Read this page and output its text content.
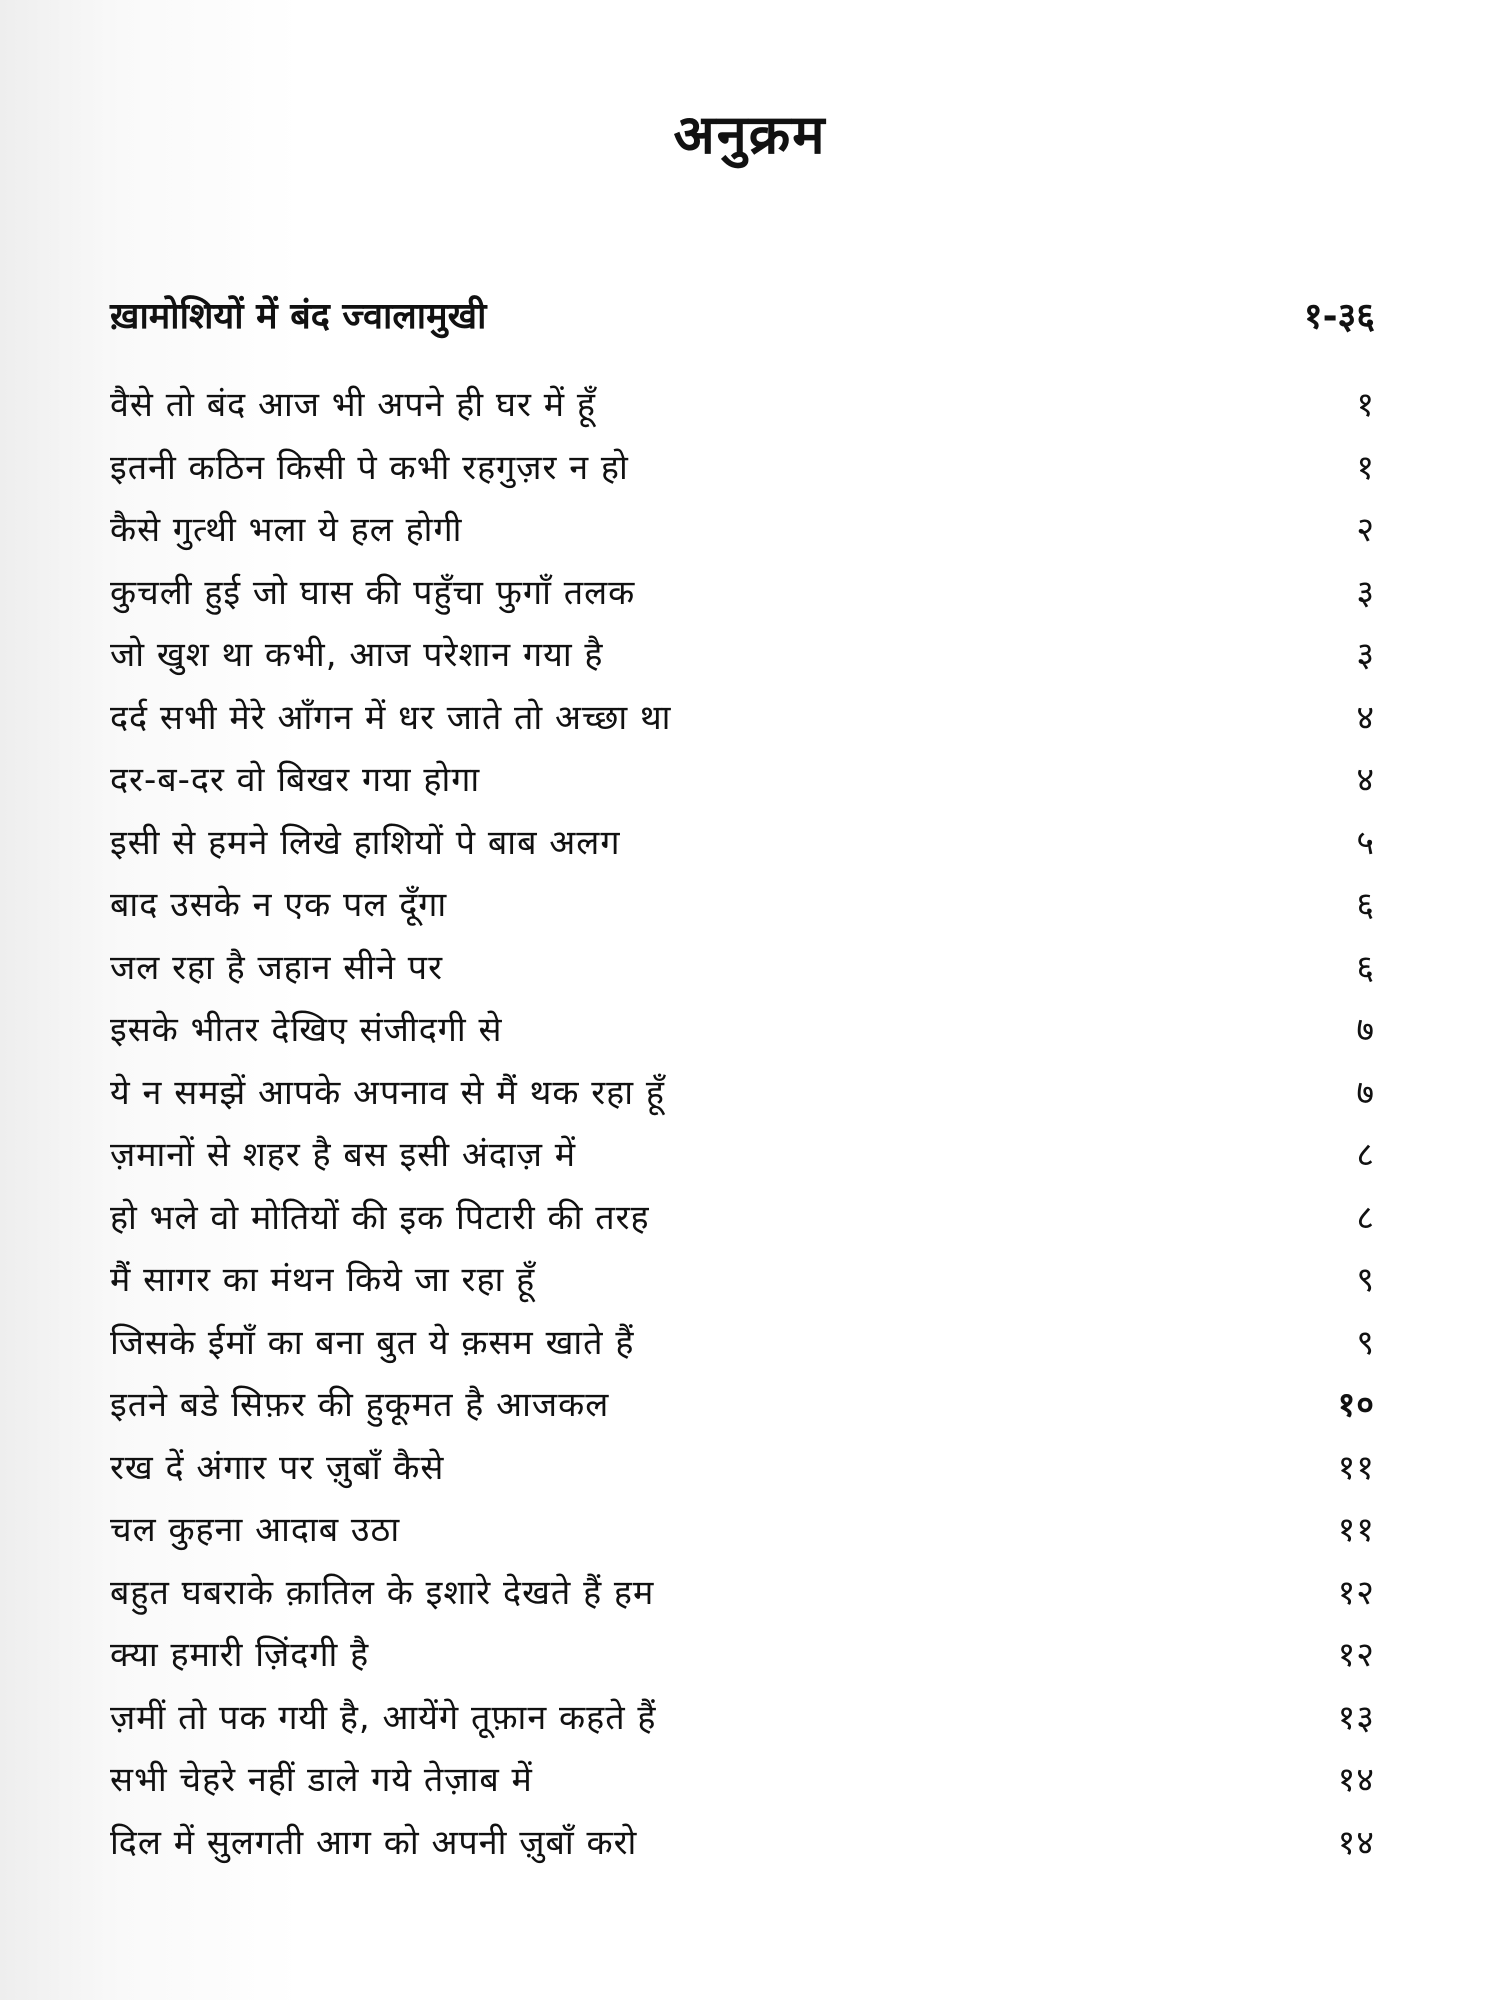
अनुक्रम
ख़ामोशियों में बंद ज्वालामुखी	१-३६
वैसे तो बंद आज भी अपने ही घर में हूँ	१
इतनी कठिन किसी पे कभी रहगुज़र न हो	१
कैसे गुत्थी भला ये हल होगी	२
कुचली हुई जो घास की पहुँचा फुगाँ तलक	३
जो खुश था कभी, आज परेशान गया है	३
दर्द सभी मेरे आँगन में धर जाते तो अच्छा था	४
दर-ब-दर वो बिखर गया होगा	४
इसी से हमने लिखे हाशियों पे बाब अलग	५
बाद उसके न एक पल दूँगा	६
जल रहा है जहान सीने पर	६
इसके भीतर देखिए संजीदगी से	७
ये न समझें आपके अपनाव से मैं थक रहा हूँ	७
ज़मानों से शहर है बस इसी अंदाज़ में	८
हो भले वो मोतियों की इक पिटारी की तरह	८
मैं सागर का मंथन किये जा रहा हूँ	९
जिसके ईमाँ का बना बुत ये क़सम खाते हैं	९
इतने बडे सिफ़र की हुकूमत है आजकल	१०
रख दें अंगार पर ज़ुबाँ कैसे	११
चल कुहना आदाब उठा	११
बहुत घबराके क़ातिल के इशारे देखते हैं हम	१२
क्या हमारी ज़िंदगी है	१२
ज़मीं तो पक गयी है, आयेंगे तूफ़ान कहते हैं	१३
सभी चेहरे नहीं डाले गये तेज़ाब में	१४
दिल में सुलगती आग को अपनी ज़ुबाँ करो	१४
